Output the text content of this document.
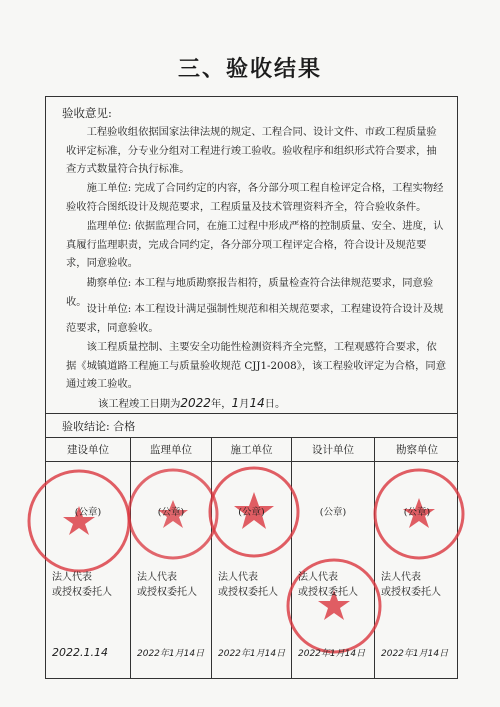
三、验收结果
验收意见:

工程验收组依据国家法律法规的规定、工程合同、设计文件、市政工程质量验收评定标准，分专业分组对工程进行竣工验收。验收程序和组织形式符合要求，抽查方式数量符合执行标准。

施工单位: 完成了合同约定的内容，各分部分项工程自检评定合格，工程实物经验收符合图纸设计及规范要求，工程质量及技术管理资料齐全，符合验收条件。

监理单位: 依据监理合同，在施工过程中形成严格的控制质量、安全、进度，认真履行监理职责，完成合同约定，各分部分项工程评定合格，符合设计及规范要求，同意验收。

勘察单位: 本工程与地质勘察报告相符，质量检查符合法律规范要求，同意验收。

设计单位: 本工程设计满足强制性规范和相关规范要求，工程建设符合设计及规范要求，同意验收。

该工程质量控制、主要安全功能性检测资料齐全完整，工程观感符合要求，依据《城镇道路工程施工与质量验收规范 CJJ1-2008》，该工程验收评定为合格，同意通过竣工验收。

该工程竣工日期为2022年，1月14日。
验收结论: 合格
建设单位
(公章)
法人代表
或授权委托人
2022.1.14
监理单位
(公章)
法人代表
或授权委托人
2022年1月14日
施工单位
(公章)
法人代表
或授权委托人
2022年1月14日
设计单位
(公章)
法人代表
或授权委托人
2022年1月14日
勘察单位
(公章)
法人代表
或授权委托人
2022年1月14日
